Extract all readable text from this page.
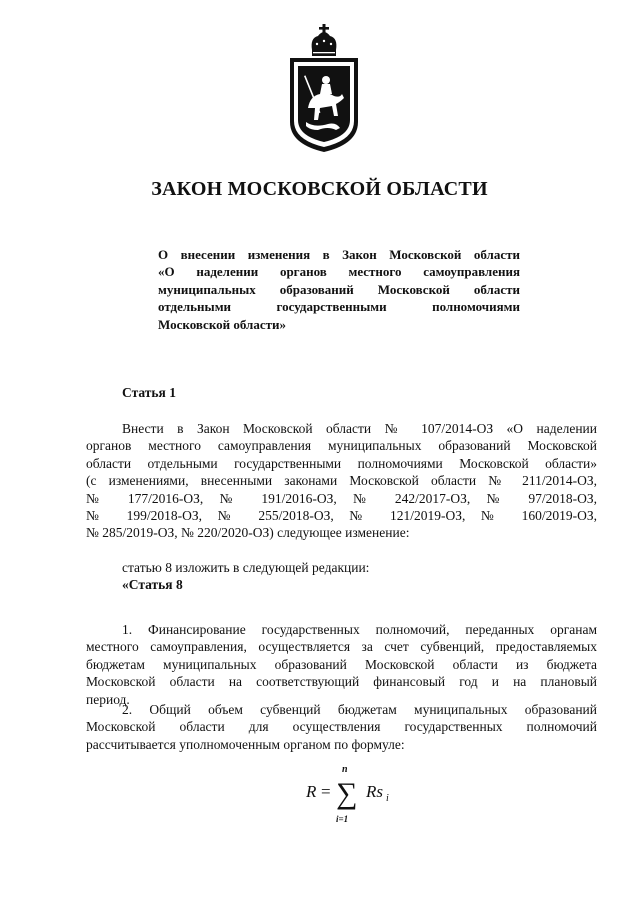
ЗАКОН МОСКОВСКОЙ ОБЛАСТИ
О внесении изменения в Закон Московской области
«О наделении органов местного самоуправления
муниципальных образований Московской области
отдельными государственными полномочиями
Московской области»
Статья 1
Внести в Закон Московской области № 107/2014-ОЗ «О наделении
органов местного самоуправления муниципальных образований Московской
области отдельными государственными полномочиями Московской области»
(с изменениями, внесенными законами Московской области № 211/2014-ОЗ,
№ 177/2016-ОЗ, № 191/2016-ОЗ, № 242/2017-ОЗ, № 97/2018-ОЗ,
№ 199/2018-ОЗ, № 255/2018-ОЗ, № 121/2019-ОЗ, № 160/2019-ОЗ,
№ 285/2019-ОЗ, № 220/2020-ОЗ) следующее изменение:
статью 8 изложить в следующей редакции:
«Статья 8
1. Финансирование государственных полномочий, переданных органам
местного самоуправления, осуществляется за счет субвенций, предоставляемых
бюджетам муниципальных образований Московской области из бюджета
Московской области на соответствующий финансовый год и на плановый
период.
2. Общий объем субвенций бюджетам муниципальных образований
Московской области для осуществления государственных полномочий
рассчитывается уполномоченным органом по формуле:
R = ∑
n
i=1
Rs i
